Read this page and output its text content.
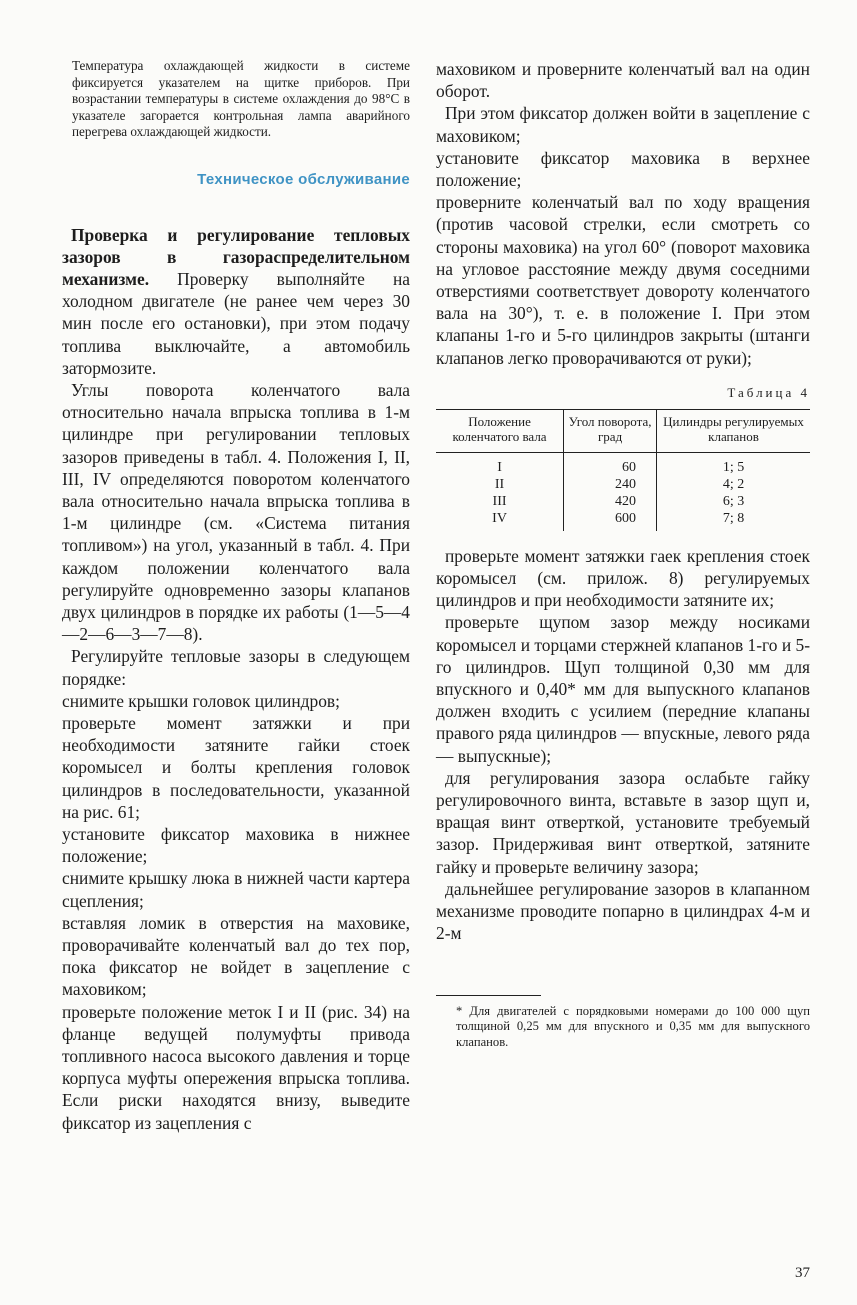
Температура охлаждающей жидкости в системе фиксируется указателем на щитке приборов. При возрастании температуры в системе охлаждения до 98°С в указателе загорается контрольная лампа аварийного перегрева охлаждающей жидкости.

Техническое обслуживание

Проверка и регулирование тепловых зазоров в газораспределительном механизме. Проверку выполняйте на холодном двигателе (не ранее чем через 30 мин после его остановки), при этом подачу топлива выключайте, а автомобиль затормозите.

Углы поворота коленчатого вала относительно начала впрыска топлива в 1-м цилиндре при регулировании тепловых зазоров приведены в табл. 4. Положения I, II, III, IV определяются поворотом коленчатого вала относительно начала впрыска топлива в 1-м цилиндре (см. «Система питания топливом») на угол, указанный в табл. 4. При каждом положении коленчатого вала регулируйте одновременно зазоры клапанов двух цилиндров в порядке их работы (1—5—4—2—6—3—7—8).

Регулируйте тепловые зазоры в следующем порядке:

снимите крышки головок цилиндров;

проверьте момент затяжки и при необходимости затяните гайки стоек коромысел и болты крепления головок цилиндров в последовательности, указанной на рис. 61;

установите фиксатор маховика в нижнее положение;

снимите крышку люка в нижней части картера сцепления;

вставляя ломик в отверстия на маховике, проворачивайте коленчатый вал до тех пор, пока фиксатор не войдет в зацепление с маховиком;

проверьте положение меток I и II (рис. 34) на фланце ведущей полумуфты привода топливного насоса высокого давления и торце корпуса муфты опережения впрыска топлива. Если риски находятся внизу, выведите фиксатор из зацепления с

маховиком и проверните коленчатый вал на один оборот.

При этом фиксатор должен войти в зацепление с маховиком;

установите фиксатор маховика в верхнее положение;

проверните коленчатый вал по ходу вращения (против часовой стрелки, если смотреть со стороны маховика) на угол 60° (поворот маховика на угловое расстояние между двумя соседними отверстиями соответствует довороту коленчатого вала на 30°), т. е. в положение I. При этом клапаны 1-го и 5-го цилиндров закрыты (штанги клапанов легко проворачиваются от руки);

Таблица 4
Положение коленчатого вала	Угол поворота, град	Цилиндры регулируемых клапанов
I	60	1; 5
II	240	4; 2
III	420	6; 3
IV	600	7; 8

проверьте момент затяжки гаек крепления стоек коромысел (см. прилож. 8) регулируемых цилиндров и при необходимости затяните их;

проверьте щупом зазор между носиками коромысел и торцами стержней клапанов 1-го и 5-го цилиндров. Щуп толщиной 0,30 мм для впускного и 0,40* мм для выпускного клапанов должен входить с усилием (передние клапаны правого ряда цилиндров — впускные, левого ряда — выпускные);

для регулирования зазора ослабьте гайку регулировочного винта, вставьте в зазор щуп и, вращая винт отверткой, установите требуемый зазор. Придерживая винт отверткой, затяните гайку и проверьте величину зазора;

дальнейшее регулирование зазоров в клапанном механизме проводите попарно в цилиндрах 4-м и 2-м

* Для двигателей с порядковыми номерами до 100 000 щуп толщиной 0,25 мм для впускного и 0,35 мм для выпускного клапанов.

37
